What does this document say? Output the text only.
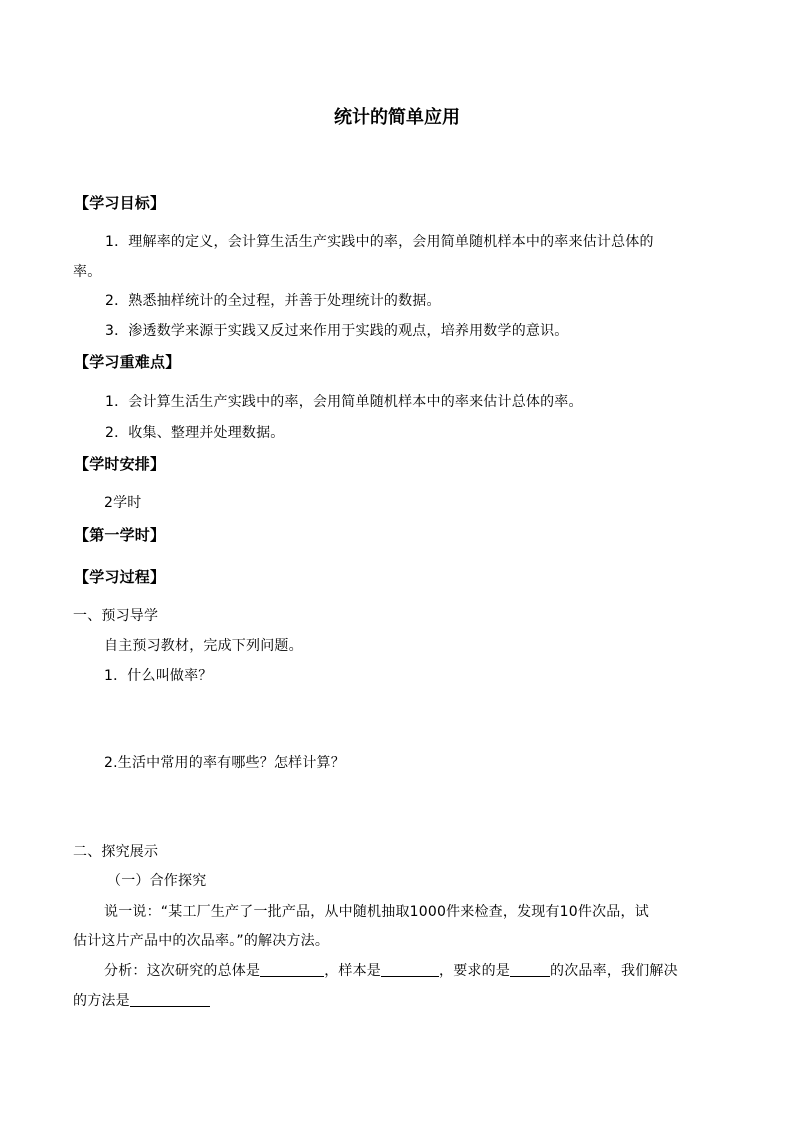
统计的简单应用
【学习目标】
1．理解率的定义，会计算生活生产实践中的率，会用简单随机样本中的率来估计总体的
率。
2．熟悉抽样统计的全过程，并善于处理统计的数据。
3．渗透数学来源于实践又反过来作用于实践的观点，培养用数学的意识。
【学习重难点】
1．会计算生活生产实践中的率，会用简单随机样本中的率来估计总体的率。
2．收集、整理并处理数据。
【学时安排】
2学时
【第一学时】
【学习过程】
一、预习导学
自主预习教材，完成下列问题。
1．什么叫做率？
2.生活中常用的率有哪些？怎样计算？
二、探究展示
（一）合作探究
说一说：“某工厂生产了一批产品，从中随机抽取1000件来检查，发现有10件次品，试
估计这片产品中的次品率。”的解决方法。
分析：这次研究的总体是	，样本是	，要求的是	的次品率，我们解决
的方法是
